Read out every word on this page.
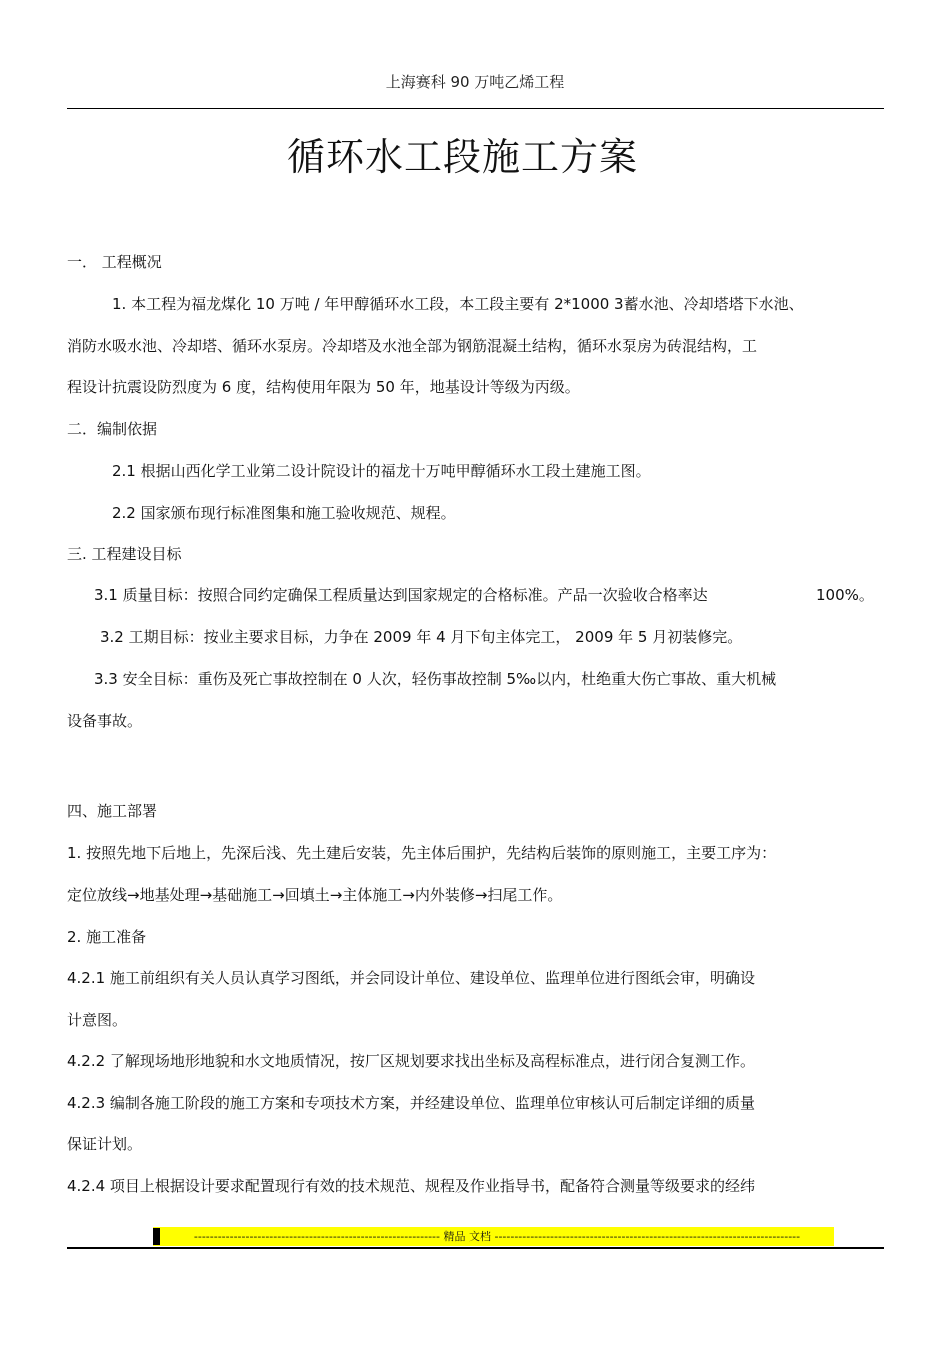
上海赛科 90 万吨乙烯工程
循环水工段施工方案
一． 工程概况
1. 本工程为福龙煤化 10 万吨 / 年甲醇循环水工段，本工段主要有 2*1000 3蓄水池、冷却塔塔下水池、
消防水吸水池、冷却塔、循环水泵房。冷却塔及水池全部为钢筋混凝土结构，循环水泵房为砖混结构，工
程设计抗震设防烈度为 6 度，结构使用年限为 50 年，地基设计等级为丙级。
二．编制依据
2.1 根据山西化学工业第二设计院设计的福龙十万吨甲醇循环水工段土建施工图。
2.2 国家颁布现行标准图集和施工验收规范、规程。
三. 工程建设目标
3.1 质量目标：按照合同约定确保工程质量达到国家规定的合格标准。产品一次验收合格率达	100%。
3.2 工期目标：按业主要求目标，力争在 2009 年 4 月下旬主体完工， 2009 年 5 月初装修完。
3.3 安全目标：重伤及死亡事故控制在 0 人次，轻伤事故控制 5‰以内，杜绝重大伤亡事故、重大机械
设备事故。
四、施工部署
1. 按照先地下后地上，先深后浅、先土建后安装，先主体后围护，先结构后装饰的原则施工，主要工序为：
定位放线→地基处理→基础施工→回填土→主体施工→内外装修→扫尾工作。
2. 施工准备
4.2.1 施工前组织有关人员认真学习图纸，并会同设计单位、建设单位、监理单位进行图纸会审，明确设
计意图。
4.2.2 了解现场地形地貌和水文地质情况，按厂区规划要求找出坐标及高程标准点，进行闭合复测工作。
4.2.3 编制各施工阶段的施工方案和专项技术方案，并经建设单位、监理单位审核认可后制定详细的质量
保证计划。
4.2.4 项目上根据设计要求配置现行有效的技术规范、规程及作业指导书，配备符合测量等级要求的经纬
-------------------------------------------------------------- 精品 文档 -----------------------------------------------------------------------------
